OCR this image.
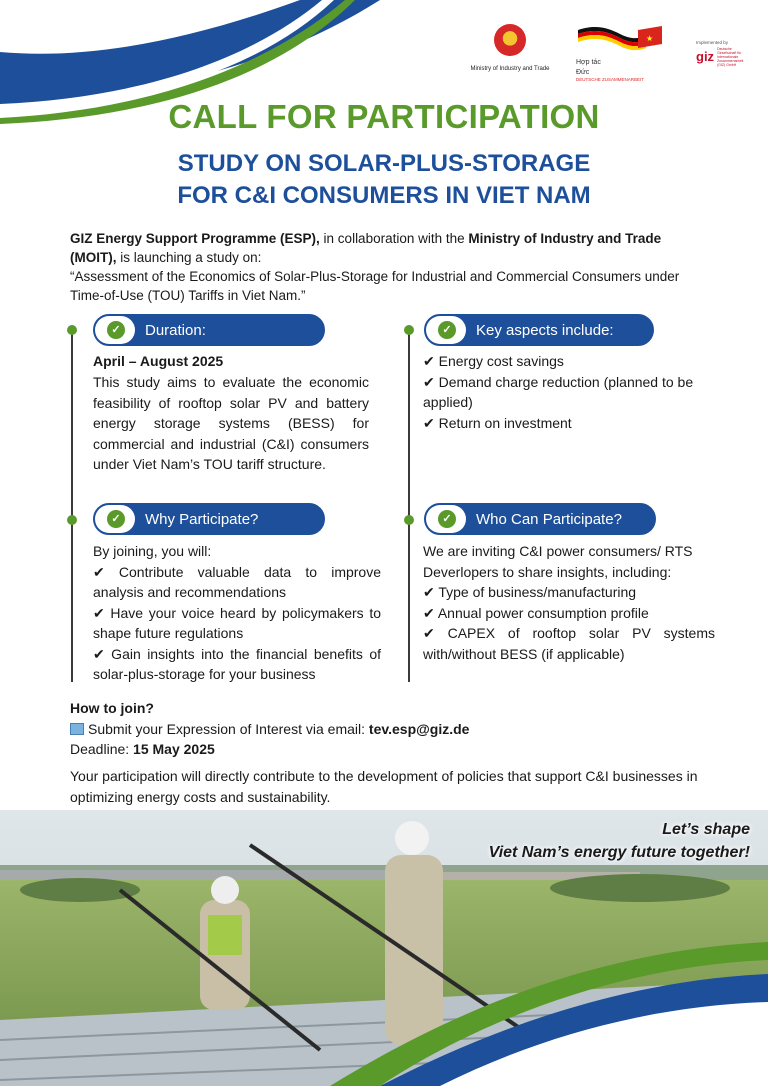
★
Ministry of Industry and Trade
★
Hợp tác
Đức
DEUTSCHE ZUSAMMENARBEIT
Implemented by
gizDeutsche Gesellschaft für Internationale Zusammenarbeit (GIZ) GmbH
CALL FOR PARTICIPATION
STUDY ON SOLAR-PLUS-STORAGE
FOR C&I CONSUMERS IN VIET NAM
GIZ Energy Support Programme (ESP), in collaboration with the Ministry of Industry and Trade (MOIT), is launching a study on:
“Assessment of the Economics of Solar-Plus-Storage for Industrial and Commercial Consumers under Time-of-Use (TOU) Tariffs in Viet Nam.”
✓ Duration:
April – August 2025
This study aims to evaluate the economic feasibility of rooftop solar PV and battery energy storage systems (BESS) for commercial and industrial (C&I) consumers under Viet Nam’s TOU tariff structure.
✓ Key aspects include:
✔ Energy cost savings
✔ Demand charge reduction (planned to be applied)
✔ Return on investment
✓ Why Participate?
By joining, you will:
✔ Contribute valuable data to improve analysis and recommendations
✔ Have your voice heard by policymakers to shape future regulations
✔ Gain insights into the financial benefits of solar-plus-storage for your business
✓ Who Can Participate?
We are inviting C&I power consumers/ RTS Deverlopers to share insights, including:
✔ Type of business/manufacturing
✔ Annual power consumption profile
✔ CAPEX of rooftop solar PV systems with/without BESS (if applicable)
How to join?
Submit your Expression of Interest via email: tev.esp@giz.de
Deadline: 15 May 2025
Your participation will directly contribute to the development of policies that support C&I businesses in optimizing energy costs and sustainability.
Let’s shape
Viet Nam’s energy future together!
